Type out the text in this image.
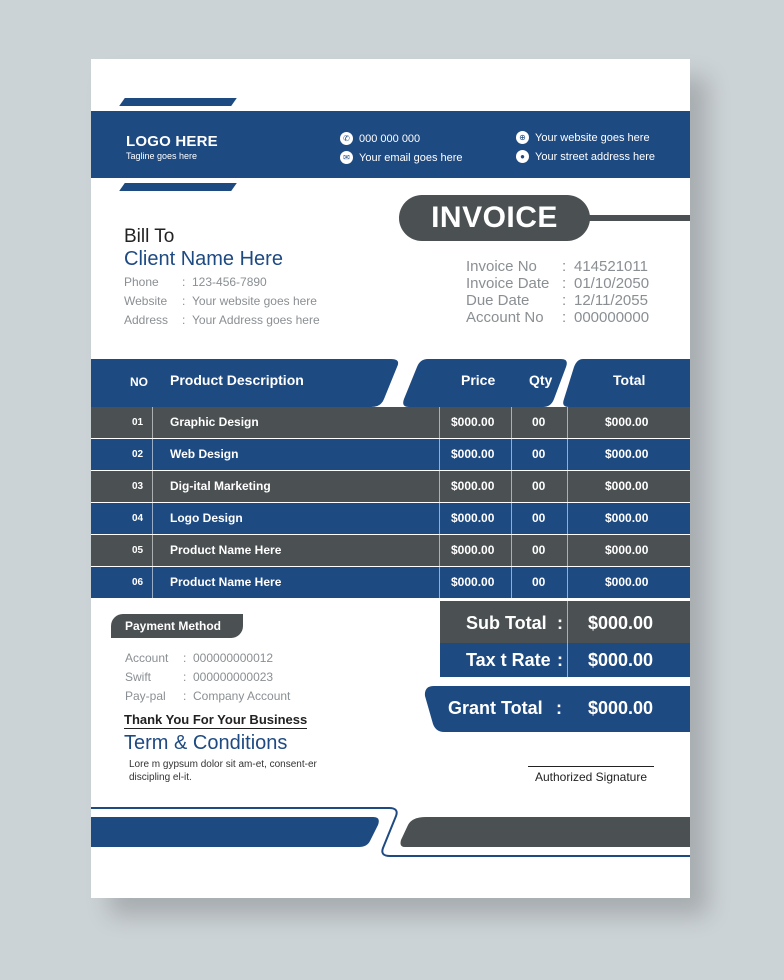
LOGO HERE
Tagline goes here
✆ 000 000 000
✉ Your email goes here
⊕ Your website goes here
● Your street address here
INVOICE
Bill To
Client Name Here
Phone	: 123-456-7890
Website	: Your website goes here
Address	: Your Address goes here
Invoice No	: 414521011
Invoice Date : 01/10/2050
Due Date	: 12/11/2055
Account No	: 000000000
NO Product Description	Price Qty	Total
01 Graphic Design	$000.00	00	$000.00
02 Web Design	$000.00	00	$000.00
03 Dig-ital Marketing	$000.00	00	$000.00
04 Logo Design	$000.00	00	$000.00
05 Product Name Here	$000.00	00	$000.00
06 Product Name Here	$000.00	00	$000.00
Sub Total : $000.00
Tax t Rate : $000.00
Grant Total : $000.00
Payment Method
Account	: 000000000012
Swift	: 000000000023
Pay-pal	: Company Account
Thank You For Your Business
Term & Conditions
Lore m gypsum dolor sit am-et, consent-er discipling el-it.	Authorized Signature
